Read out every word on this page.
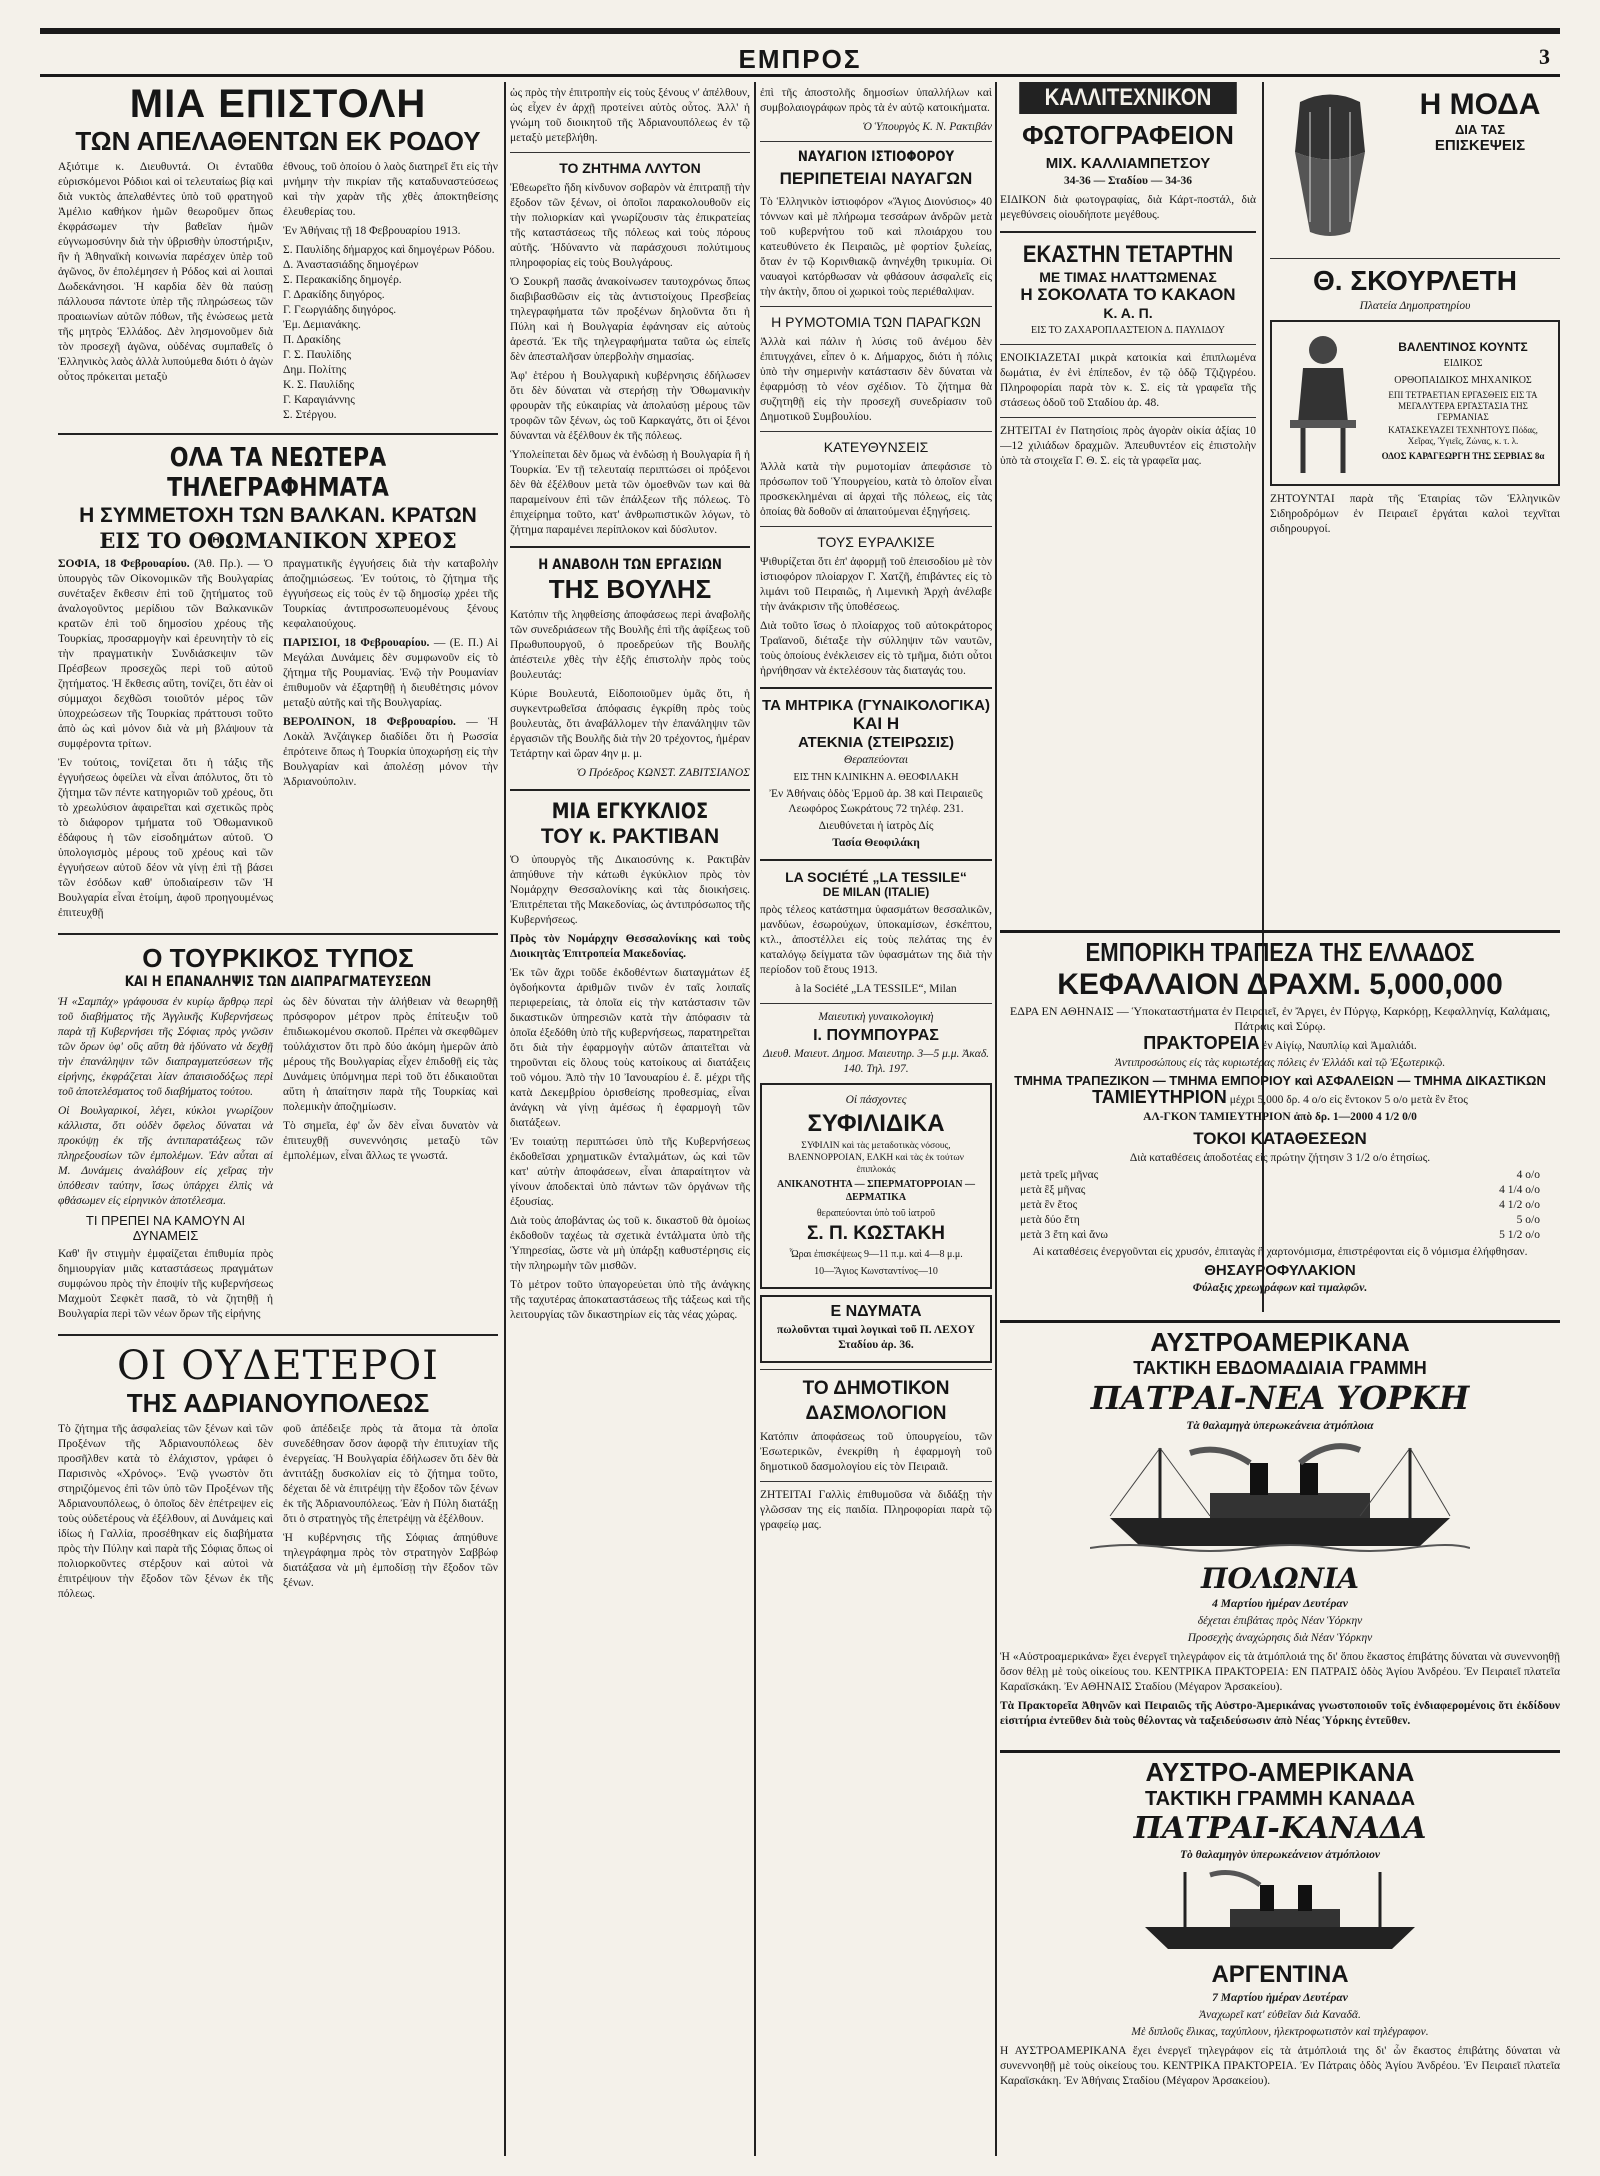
ΕΜΠΡΟΣ	3
ΜΙΑ ΕΠΙΣΤΟΛΗ
ΤΩΝ ΑΠΕΛΑΘΕΝΤΩΝ ΕΚ ΡΟΔΟΥ

Αξιότιμε κ. Διευθυντά. Οι ἐνταῦθα εὑρισκόμενοι Ρόδιοι καὶ οἱ τελευταίως βίᾳ καὶ διὰ νυκτὸς ἀπελαθέντες ὑπὸ τοῦ φρατηγοῦ Ἀμέλιο καθήκον ἡμῶν θεωροῦμεν ὅπως ἐκφράσωμεν τὴν βαθεῖαν ἡμῶν εὐγνωμοσύνην διὰ τὴν ὑβρισθὴν ὑποστήριξιν, ἣν ἡ Ἀθηναϊκὴ κοινωνία παρέσχεν ὑπὲρ τοῦ ἀγῶνος, ὃν ἐπολέμησεν ἡ Ρόδος καὶ αἱ λοιπαὶ Δωδεκάνησοι. Ἡ καρδία δὲν θὰ παύσῃ πάλλουσα πάντοτε ὑπὲρ τῆς πληρώσεως τῶν προαιωνίων αὐτῶν πόθων, τῆς ἑνώσεως μετὰ τῆς μητρὸς Ἑλλάδος. Δὲν λησμονοῦμεν διὰ τὸν προσεχῆ ἀγῶνα, οὐδένας συμπαθεῖς ὁ Ἑλληνικὸς λαὸς ἀλλὰ λυπούμεθα διότι ὁ ἀγὼν οὗτος πρόκειται μεταξὺ

ἐθνους, τοῦ ὁποίου ὁ λαὸς διατηρεῖ ἔτι εἰς τὴν μνήμην τὴν πικρίαν τῆς καταδυναστεύσεως καὶ τὴν χαρὰν τῆς χθὲς ἀποκτηθείσης ἐλευθερίας του.

Ἐν Ἀθήναις τῇ 18 Φεβρουαρίου 1913.

Σ. Παυλίδης δήμαρχος καὶ δημογέρων Ρόδου.
Δ. Ἀναστασιάδης δημογέρων
Σ. Περακακίδης δημογέρ.
Γ. Δρακίδης διηγόρος.
Γ. Γεωργιάδης διηγόρος.
Ἐμ. Δεμιανάκης.
Π. Δρακίδης
Γ. Σ. Παυλίδης
Δημ. Πολίτης
Κ. Σ. Παυλίδης
Γ. Καραγιάννης
Σ. Στέργου.
ΟΛΑ ΤΑ ΝΕΩΤΕΡΑ ΤΗΛΕΓΡΑΦΗΜΑΤΑ
Η ΣΥΜΜΕΤΟΧΗ ΤΩΝ ΒΑΛΚΑΝ. ΚΡΑΤΩΝ
ΕΙΣ ΤΟ ΟΘΩΜΑΝΙΚΟΝ ΧΡΕΟΣ

ΣΟΦΙΑ, 18 Φεβρουαρίου. (Ἀθ. Πρ.). — Ὁ ὑπουργὸς τῶν Οἰκονομικῶν τῆς Βουλγαρίας συνέταξεν ἔκθεσιν ἐπὶ τοῦ ζητήματος τοῦ ἀναλογοῦντος μερίδιου τῶν Βαλκανικῶν κρατῶν ἐπὶ τοῦ δημοσίου χρέους τῆς Τουρκίας, προσαρμογὴν καὶ ἐρευνητὴν τὸ εἰς τὴν πραγματικὴν Συνδιάσκεψιν τῶν Πρέσβεων προσεχῶς περὶ τοῦ αὐτοῦ ζητήματος. Ἡ ἔκθεσις αὕτη, τονίζει, ὅτι ἐὰν οἱ σύμμαχοι δεχθῶσι τοιοῦτόν μέρος τῶν ὑποχρεώσεων τῆς Τουρκίας πράττουσι τοῦτο ἀπὸ ὡς καὶ μόνον διὰ νὰ μὴ βλάψουν τὰ συμφέροντα τρίτων.

Ἐν τούτοις, τονίζεται ὅτι ἡ τάξις τῆς ἐγγυήσεως ὀφείλει νὰ εἶναι ἀπόλυτος, ὅτι τὸ ζήτημα τῶν πέντε κατηγοριῶν τοῦ χρέους, ὅτι τὸ χρεωλύσιον ἀφαιρεῖται καὶ σχετικῶς πρὸς τὸ διάφορον τμήματα τοῦ Ὀθωμανικοῦ ἐδάφους ἡ τῶν εἰσοδημάτων αὐτοῦ. Ὁ ὑπολογισμὸς μέρους τοῦ χρέους καὶ τῶν ἐγγυήσεων αὐτοῦ δέον νὰ γίνῃ ἐπὶ τῇ βάσει τῶν ἐσόδων καθ' ὑποδιαίρεσιν τῶν Ἡ Βουλγαρία εἶναι ἑτοίμη, ἀφοῦ προηγουμένως ἐπιτευχθῇ

πραγματικῆς ἐγγυήσεις διὰ τὴν καταβολὴν ἀποζημιώσεως. Ἐν τούτοις, τὸ ζήτημα τῆς ἐγγυήσεως εἰς τοὺς ἐν τῷ δημοσίῳ χρέει τῆς Τουρκίας ἀντιπροσωπευομένους ξένους κεφαλαιούχους.

ΠΑΡΙΣΙΟΙ, 18 Φεβρουαρίου. — (Ε. Π.) Αἱ Μεγάλαι Δυνάμεις δὲν συμφωνοῦν εἰς τὸ ζήτημα τῆς Ρουμανίας. Ἐνῷ τὴν Ρουμανίαν ἐπιθυμοῦν νὰ ἐξαρτηθῇ ἡ διευθέτησις μόνον μεταξὺ αὐτῆς καὶ τῆς Βουλγαρίας.

ΒΕΡΟΛΙΝΟΝ, 18 Φεβρουαρίου. — Ἡ Λοκὰλ Ἀνζάιγκερ διαδίδει ὅτι ἡ Ρωσσία ἐπρότεινε ὅπως ἡ Τουρκία ὑποχωρήσῃ εἰς τὴν Βουλγαρίαν καὶ ἀπολέσῃ μόνον τὴν Ἀδριανούπολιν.

Ο ΤΟΥΡΚΙΚΟΣ ΤΥΠΟΣ
ΚΑΙ Η ΕΠΑΝΑΛΗΨΙΣ ΤΩΝ ΔΙΑΠΡΑΓΜΑΤΕΥΣΕΩΝ

Ἡ «Σαμπάχ» γράφουσα ἐν κυρίῳ ἄρθρῳ περὶ τοῦ διαβήματος τῆς Ἀγγλικῆς Κυβερνήσεως παρὰ τῇ Κυβερνήσει τῆς Σόφιας πρὸς γνῶσιν τῶν ὅρων ὑφ' οὓς αὕτη θὰ ἠδύνατο νὰ δεχθῇ τὴν ἐπανάληψιν τῶν διαπραγματεύσεων τῆς εἰρήνης, ἐκφράζεται λίαν ἀπαισιοδόξως περὶ τοῦ ἀποτελέσματος τοῦ διαβήματος τούτου.

Οἱ Βουλγαρικοί, λέγει, κύκλοι γνωρίζουν κάλλιστα, ὅτι οὐδὲν ὄφελος δύναται νὰ προκύψῃ ἐκ τῆς ἀντιπαρατάξεως τῶν πληρεξουσίων τῶν ἐμπολέμων. Ἐὰν αὗται αἱ Μ. Δυνάμεις ἀναλάβουν εἰς χεῖρας τὴν ὑπόθεσιν ταύτην, ἴσως ὑπάρχει ἐλπὶς νὰ φθάσωμεν εἰς εἰρηνικὸν ἀποτέλεσμα.

ΤΙ ΠΡΕΠΕΙ ΝΑ ΚΑΜΟΥΝ ΑΙ ΔΥΝΑΜΕΙΣ

Καθ' ἣν στιγμὴν ἐμφαίζεται ἐπιθυμία πρὸς δημιουργίαν μιᾶς καταστάσεως πραγμάτων συμφώνου πρὸς τὴν ἐποψίν τῆς κυβερνήσεως Μαχμοὺτ Σεφκὲτ πασᾶ, τὸ νὰ ζητηθῇ ἡ Βουλγαρία περὶ τῶν νέων ὅρων τῆς εἰρήνης

ὡς δὲν δύναται τὴν ἀλήθειαν νὰ θεωρηθῇ πρόσφορον μέτρον πρὸς ἐπίτευξιν τοῦ ἐπιδιωκομένου σκοποῦ. Πρέπει νὰ σκεφθῶμεν τοὐλάχιστον ὅτι πρὸ δύο ἀκόμη ἡμερῶν ἀπὸ μέρους τῆς Βουλγαρίας εἶχεν ἐπιδοθῇ εἰς τὰς Δυνάμεις ὑπόμνημα περὶ τοῦ ὅτι ἐδικαιοῦται αὕτη ἡ ἀπαίτησιν παρὰ τῆς Τουρκίας καὶ πολεμικὴν ἀποζημίωσιν.

Τὸ σημεῖα, ἐφ' ὧν δὲν εἶναι δυνατὸν νὰ ἐπιτευχθῇ συνεννόησις μεταξὺ τῶν ἐμπολέμων, εἶναι ἄλλως τε γνωστά.

ΟΙ ΟΥΔΕΤΕΡΟΙ
ΤΗΣ ΑΔΡΙΑΝΟΥΠΟΛΕΩΣ

Τὸ ζήτημα τῆς ἀσφαλείας τῶν ξένων καὶ τῶν Προξένων τῆς Ἀδριανουπόλεως δὲν προσῆλθεν κατὰ τὸ ἐλάχιστον, γράφει ὁ Παρισινὸς «Χρόνος». Ἐνῷ γνωστὸν ὅτι στηριζόμενος ἐπὶ τῶν ὑπὸ τῶν Προξένων τῆς Ἀδριανουπόλεως, ὁ ὁποῖος δὲν ἐπέτρεψεν εἰς τοὺς οὐδετέρους νὰ ἐξέλθουν, αἱ Δυνάμεις καὶ ἰδίως ἡ Γαλλία, προσέθηκαν εἰς διαβήματα πρὸς τὴν Πύλην καὶ παρὰ τῆς Σόφιας ὅπως οἱ πολιορκοῦντες στέρξουν καὶ αὐτοὶ νὰ ἐπιτρέψουν τὴν ἔξοδον τῶν ξένων ἐκ τῆς πόλεως.

φοῦ ἀπέδειξε πρὸς τὰ ἄτομα τὰ ὁποῖα συνεδέθησαν ὅσον ἀφορᾷ τὴν ἐπιτυχίαν τῆς ἐνεργείας. Ἡ Βουλγαρία ἐδήλωσεν ὅτι δὲν θὰ ἀντιτάξῃ δυσκολίαν εἰς τὸ ζήτημα τοῦτο, δέχεται δὲ νὰ ἐπιτρέψῃ τὴν ἔξοδον τῶν ξένων ἐκ τῆς Ἀδριανουπόλεως. Ἐὰν ἡ Πύλη διατάξῃ ὅτι ὁ στρατηγὸς τῆς ἐπετρέψῃ νὰ ἐξέλθουν.

Ἡ κυβέρνησις τῆς Σόφιας ἀπηύθυνε τηλεγράφημα πρὸς τὸν στρατηγὸν Σαββώφ διατάξασα νὰ μὴ ἐμποδίσῃ τὴν ἔξοδον τῶν ξένων.

ὡς πρὸς τὴν ἐπιτροπὴν εἰς τοὺς ξένους ν' ἀπέλθουν, ὡς εἶχεν ἐν ἀρχῇ προτείνει αὐτὸς οὗτος. Ἀλλ' ἡ γνώμη τοῦ διοικητοῦ τῆς Ἀδριανουπόλεως ἐν τῷ μεταξὺ μετεβλήθη.

ΤΟ ΖΗΤΗΜΑ ΛΛΥΤΟΝ

Ἐθεωρεῖτο ἤδη κίνδυνον σοβαρὸν νὰ ἐπιτραπῇ τὴν ἔξοδον τῶν ξένων, οἱ ὁποῖοι παρακολουθοῦν εἰς τὴν πολιορκίαν καὶ γνωρίζουσιν τὰς ἐπικρατείας τῆς καταστάσεως τῆς πόλεως καὶ τοὺς πόρους αὐτῆς. Ἠδύναντο νὰ παράσχουσι πολύτιμους πληροφορίας εἰς τοὺς Βουλγάρους.

Ὁ Σουκρῆ πασᾶς ἀνακοίνωσεν ταυτοχρόνως ὅπως διαβιβασθῶσιν εἰς τὰς ἀντιστοίχους Πρεσβείας τηλεγραφήματα τῶν προξένων δηλοῦντα ὅτι ἡ Πύλη καὶ ἡ Βουλγαρία ἐφάνησαν εἰς αὐτοὺς ἀρεστά. Ἐκ τῆς τηλεγραφήματα ταῦτα ὡς εἰπεῖς δὲν ἀπεσταλῆσαν ὑπερβολὴν σημασίας.

Ἀφ' ἑτέρου ἡ Βουλγαρικὴ κυβέρνησις ἐδήλωσεν ὅτι δὲν δύναται νὰ στερήσῃ τὴν Ὀθωμανικὴν φρουρὰν τῆς εὐκαιρίας νὰ ἀπολαύσῃ μέρους τῶν τροφῶν τῶν ξένων, ὡς τοῦ Καρκαγάτς, ὅτι οἱ ξένοι δύνανται νὰ ἐξέλθουν ἐκ τῆς πόλεως.

Ὑπολείπεται δὲν ὅμως νὰ ἐνδώσῃ ἡ Βουλγαρία ἢ ἡ Τουρκία. Ἐν τῇ τελευταίᾳ περιπτώσει οἱ πρόξενοι δὲν θὰ ἐξέλθουν μετὰ τῶν ὁμοεθνῶν των καὶ θὰ παραμείνουν ἐπὶ τῶν ἐπάλξεων τῆς πόλεως. Τὸ ἐπιχείρημα τοῦτο, κατ' ἀνθρωπιστικῶν λόγων, τὸ ζήτημα παραμένει περίπλοκον καὶ δύσλυτον.

Η ΑΝΑΒΟΛΗ ΤΩΝ ΕΡΓΑΣΙΩΝ
ΤΗΣ ΒΟΥΛΗΣ

Κατόπιν τῆς ληφθείσης ἀποφάσεως περὶ ἀναβολῆς τῶν συνεδριάσεων τῆς Βουλῆς ἐπὶ τῆς ἀφίξεως τοῦ Πρωθυπουργοῦ, ὁ προεδρεύων τῆς Βουλῆς ἀπέστειλε χθὲς τὴν ἑξῆς ἐπιστολὴν πρὸς τοὺς βουλευτάς:

Κύριε Βουλευτά, Εἰδοποιοῦμεν ὑμᾶς ὅτι, ἡ συγκεντρωθεῖσα ἀπόφασις ἐγκρίθη πρὸς τοὺς βουλευτὰς, ὅτι ἀναβάλλομεν τὴν ἐπανάληψιν τῶν ἐργασιῶν τῆς Βουλῆς διὰ τὴν 20 τρέχοντος, ἡμέραν Τετάρτην καὶ ὥραν 4ην μ. μ.

Ὁ Πρόεδρος ΚΩΝΣΤ. ΖΑΒΙΤΣΙΑΝΟΣ

ΜΙΑ ΕΓΚΥΚΛΙΟΣ
ΤΟΥ κ. ΡΑΚΤΙΒΑΝ

Ὁ ὑπουργὸς τῆς Δικαιοσύνης κ. Ρακτιβὰν ἀπηύθυνε τὴν κάτωθι ἐγκύκλιον πρὸς τὸν Νομάρχην Θεσσαλονίκης καὶ τὰς διοικήσεις. Ἐπιτρέπεται τῆς Μακεδονίας, ὡς ἀντιπρόσωπος τῆς Κυβερνήσεως.

Πρὸς τὸν Νομάρχην Θεσσαλονίκης καὶ τοὺς Διοικητὰς Ἐπιτροπεία Μακεδονίας.

Ἐκ τῶν ἄχρι τοῦδε ἐκδοθέντων διαταγμάτων ἐξ ὀγδοήκοντα ἀριθμῶν τινῶν ἐν ταῖς λοιπαῖς περιφερείαις, τὰ ὁποῖα εἰς τὴν κατάστασιν τῶν δικαστικῶν ὑπηρεσιῶν κατὰ τὴν ἀπόφασιν τὰ ὁποῖα ἐξεδόθη ὑπὸ τῆς κυβερνήσεως, παρατηρεῖται ὅτι διὰ τὴν ἐφαρμογὴν αὐτῶν ἀπαιτεῖται νὰ τηροῦνται εἰς ὅλους τοὺς κατοίκους αἱ διατάξεις τοῦ νόμου. Ἀπὸ τὴν 10 Ἰανουαρίου ἐ. ἔ. μέχρι τῆς κατὰ Δεκεμβρίου ὁρισθείσης προθεσμίας, εἶναι ἀνάγκη νὰ γίνῃ ἀμέσως ἡ ἐφαρμογὴ τῶν διατάξεων.

Ἐν τοιαύτῃ περιπτώσει ὑπὸ τῆς Κυβερνήσεως ἐκδοθεῖσαι χρηματικῶν ἐνταλμάτων, ὡς καὶ τῶν κατ' αὐτὴν ἀποφάσεων, εἶναι ἀπαραίτητον νὰ γίνουν ἀποδεκταὶ ὑπὸ πάντων τῶν ὀργάνων τῆς ἐξουσίας.

Διὰ τοὺς ἀποβάντας ὡς τοῦ κ. δικαστοῦ θὰ ὁμοίως ἐκδοθοῦν ταχέως τὰ σχετικὰ ἐντάλματα ὑπὸ τῆς Ὑπηρεσίας, ὥστε νὰ μὴ ὑπάρξῃ καθυστέρησις εἰς τὴν πληρωμὴν τῶν μισθῶν.

Τὸ μέτρον τοῦτο ὑπαγορεύεται ὑπὸ τῆς ἀνάγκης τῆς ταχυτέρας ἀποκαταστάσεως τῆς τάξεως καὶ τῆς λειτουργίας τῶν δικαστηρίων εἰς τὰς νέας χώρας.

ἐπὶ τῆς ἀποστολῆς δημοσίων ὑπαλλήλων καὶ συμβολαιογράφων πρὸς τὰ ἐν αὐτῷ κατοικήματα.

Ὁ Ὑπουργὸς Κ. Ν. Ρακτιβάν

ΝΑΥΑΓΙΟΝ ΙΣΤΙΟΦΟΡΟΥ
ΠΕΡΙΠΕΤΕΙΑΙ ΝΑΥΑΓΩΝ

Τὸ Ἑλληνικὸν ἱστιοφόρον «Ἅγιος Διονύσιος» 40 τόννων καὶ μὲ πλήρωμα τεσσάρων ἀνδρῶν μετὰ τοῦ κυβερνήτου τοῦ καὶ πλοιάρχου του κατευθύνετο ἐκ Πειραιῶς, μὲ φορτίον ξυλείας, ὅταν ἐν τῷ Κορινθιακῷ ἀνηνέχθη τρικυμία. Οἱ ναυαγοὶ κατόρθωσαν νὰ φθάσουν ἀσφαλεῖς εἰς τὴν ἀκτὴν, ὅπου οἱ χωρικοὶ τοὺς περιέθαλψαν.

Η ΡΥΜΟΤΟΜΙΑ ΤΩΝ ΠΑΡΑΓΚΩΝ

Ἀλλὰ καὶ πάλιν ἡ λύσις τοῦ ἀνέμου δὲν ἐπιτυγχάνει, εἶπεν ὁ κ. Δήμαρχος, διότι ἡ πόλις ὑπὸ τὴν σημερινὴν κατάστασιν δὲν δύναται νὰ ἐφαρμόσῃ τὸ νέον σχέδιον. Τὸ ζήτημα θὰ συζητηθῇ εἰς τὴν προσεχῆ συνεδρίασιν τοῦ Δημοτικοῦ Συμβουλίου.

ΚΑΤΕΥΘΥΝΣΕΙΣ

Ἀλλὰ κατὰ τὴν ρυμοτομίαν ἀπεφάσισε τὸ πρόσωπον τοῦ Ὑπουργείου, κατὰ τὸ ὁποῖον εἶναι προσκεκλημέναι αἱ ἀρχαὶ τῆς πόλεως, εἰς τὰς ὁποίας θὰ δοθοῦν αἱ ἀπαιτούμεναι ἐξηγήσεις.

ΤΟΥΣ ΕΥΡΑΛΚΙΣΕ

Ψιθυρίζεται ὅτι ἐπ' ἀφορμῇ τοῦ ἐπεισοδίου μὲ τὸν ἱστιοφόρον πλοίαρχον Γ. Χατζῆ, ἐπιβάντες εἰς τὸ λιμάνι τοῦ Πειραιῶς, ἡ Λιμενικὴ Ἀρχὴ ἀνέλαβε τὴν ἀνάκρισιν τῆς ὑποθέσεως.

Διὰ τοῦτο ἴσως ὁ πλοίαρχος τοῦ αὐτοκράτορος Τραϊανοῦ, διέταξε τὴν σύλληψιν τῶν ναυτῶν, τοὺς ὁποίους ἐνέκλεισεν εἰς τὸ τμῆμα, διότι οὗτοι ἠρνήθησαν νὰ ἐκτελέσουν τὰς διαταγάς του.

ΤΑ ΜΗΤΡΙΚΑ (ΓΥΝΑΙΚΟΛΟΓΙΚΑ)
ΚΑΙ Η
ΑΤΕΚΝΙΑ (ΣΤΕΙΡΩΣΙΣ)
Θεραπεύονται
ΕΙΣ ΤΗΝ ΚΛΙΝΙΚΗΝ Α. ΘΕΟΦΙΛΑΚΗ
Ἐν Ἀθήναις ὁδὸς Ἑρμοῦ ἀρ. 38 καὶ Πειραιεῦς Λεωφόρος Σωκράτους 72 τηλέφ. 231.
Διευθύνεται ἡ ἰατρὸς Δίς
Τασία Θεοφιλάκη
LA SOCIÉTÉ „LA TESSILE“
DE MILAN (ITALIE)

πρὸς τέλεος κατάστημα ὑφασμάτων θεσσαλικῶν, μανδύων, ἐσωρούχων, ὑποκαμίσων, ἐσκέπτου, κτλ., ἀποστέλλει εἰς τοὺς πελάτας της ἐν καταλόγῳ δείγματα τῶν ὑφασμάτων της διὰ τὴν περίοδον τοῦ ἔτους 1913.

à la Société „LA TESSILE“, Milan
Μαιευτικὴ γυναικολογικὴ
Ι. ΠΟΥΜΠΟΥΡΑΣ
Διευθ. Μαιευτ. Δημοσ. Μαιευτηρ. 3—5 μ.μ. Ἀκαδ. 140. Τηλ. 197.
Οἱ πάσχοντες
ΣΥΦΙΛΙΔΙΚΑ
ΣΥΦΙΛΙΝ καὶ τὰς μεταδοτικὰς νόσους, ΒΛΕΝΝΟΡΡΟΙΑΝ, ΕΛΚΗ καὶ τὰς ἐκ τούτων ἐπιπλοκάς
ΑΝΙΚΑΝΟΤΗΤΑ — ΣΠΕΡΜΑΤΟΡΡΟΙΑΝ — ΔΕΡΜΑΤΙΚΑ
θεραπεύονται ὑπὸ τοῦ ἰατροῦ
Σ. Π. ΚΩΣΤΑΚΗ
Ὧραι ἐπισκέψεως 9—11 π.μ. καὶ 4—8 μ.μ.
10—Ἅγιος Κωνσταντίνος—10
Ε ΝΔΥΜΑΤΑ
πωλοῦνται τιμαὶ λογικαὶ τοῦ Π. ΛΕΧΟΥ Σταδίου ἀρ. 36.
ΤΟ ΔΗΜΟΤΙΚΟΝ
ΔΑΣΜΟΛΟΓΙΟΝ

Κατόπιν ἀποφάσεως τοῦ ὑπουργείου, τῶν Ἐσωτερικῶν, ἐνεκρίθη ἡ ἐφαρμογὴ τοῦ δημοτικοῦ δασμολογίου εἰς τὸν Πειραιᾶ.

ΖΗΤΕΙΤΑΙ Γαλλὶς ἐπιθυμοῦσα νὰ διδάξῃ τὴν γλῶσσαν της εἰς παιδία. Πληροφορίαι παρὰ τῷ γραφείῳ μας.

ΚΑΛΛΙΤΕΧΝΙΚΟΝ
ΦΩΤΟΓΡΑΦΕΙΟΝ
ΜΙΧ. ΚΑΛΛΙΑΜΠΕΤΣΟΥ
34-36 — Σταδίου — 34-36

ΕΙΔΙΚΟΝ διὰ φωτογραφίας, διὰ Κάρτ-ποστάλ, διὰ μεγεθύνσεις οἱουδήποτε μεγέθους.

ΕΚΑΣΤΗΝ ΤΕΤΑΡΤΗΝ
ΜΕ ΤΙΜΑΣ ΗΛΑΤΤΩΜΕΝΑΣ
Η ΣΟΚΟΛΑΤΑ ΤΟ ΚΑΚΑΟΝ
Κ. Α. Π.
ΕΙΣ ΤΟ ΖΑΧΑΡΟΠΛΑΣΤΕΙΟΝ Δ. ΠΑΥΛΙΔΟΥ

ΕΝΟΙΚΙΑΖΕΤΑΙ μικρὰ κατοικία καὶ ἐπιπλωμένα δωμάτια, ἐν ἑνὶ ἐπίπεδον, ἐν τῷ ὁδῷ Τζιζιγρέου. Πληροφορίαι παρὰ τὸν κ. Σ. εἰς τὰ γραφεῖα τῆς στάσεως ὁδοῦ τοῦ Σταδίου ἀρ. 48.

ΖΗΤΕΙΤΑΙ ἐν Πατησίοις πρὸς ἀγορὰν οἰκία ἀξίας 10—12 χιλιάδων δραχμῶν. Ἀπευθυντέον εἰς ἐπιστολὴν ὑπὸ τὰ στοιχεῖα Γ. Θ. Σ. εἰς τὰ γραφεῖα μας.

Η ΜΟΔΑ
ΔΙΑ ΤΑΣ
ΕΠΙΣΚΕΨΕΙΣ
Θ. ΣΚΟΥΡΛΕΤΗ
Πλατεία Δημοπρατηρίου
ΒΑΛΕΝΤΙΝΟΣ ΚΟΥΝΤΣ
ΕΙΔΙΚΟΣ
ΟΡΘΟΠΑΙΔΙΚΟΣ ΜΗΧΑΝΙΚΟΣ
ΕΠΙ ΤΕΤΡΑΕΤΙΑΝ ΕΡΓΑΣΘΕΙΣ ΕΙΣ ΤΑ ΜΕΓΑΛΥΤΕΡΑ ΕΡΓΑΣΤΑΣΙΑ ΤΗΣ ΓΕΡΜΑΝΙΑΣ
ΚΑΤΑΣΚΕΥΑΖΕΙ ΤΕΧΝΗΤΟΥΣ Πόδας, Χεῖρας, Ὑγιεῖς, Ζώνας, κ. τ. λ.
ΟΔΟΣ ΚΑΡΑΓΕΩΡΓΗ ΤΗΣ ΣΕΡΒΙΑΣ 8α

ΖΗΤΟΥΝΤΑΙ παρὰ τῆς Ἑταιρίας τῶν Ἑλληνικῶν Σιδηροδρόμων ἐν Πειραιεῖ ἐργάται καλοὶ τεχνῖται σιδηρουργοί.

ΕΜΠΟΡΙΚΗ ΤΡΑΠΕΖΑ ΤΗΣ ΕΛΛΑΔΟΣ
ΚΕΦΑΛΑΙΟΝ ΔΡΑΧΜ. 5,000,000
ΕΔΡΑ ΕΝ ΑΘΗΝΑΙΣ — Ὑποκαταστήματα ἐν Πειραιεῖ, ἐν Ἄργει, ἐν Πύργῳ, Καρκόρῃ, Κεφαλληνίᾳ, Καλάμαις, Πάτραις καὶ Σύρῳ.
ΠΡΑΚΤΟΡΕΙΑ ἐν Αἰγίῳ, Ναυπλίῳ καὶ Ἀμαλιάδι.
Ἀντιπροσώπους εἰς τὰς κυριωτέρας πόλεις ἐν Ἑλλάδι καὶ τῷ Ἐξωτερικῷ.
ΤΜΗΜΑ ΤΡΑΠΕΖΙΚΟΝ — ΤΜΗΜΑ ΕΜΠΟΡΙΟΥ καὶ ΑΣΦΑΛΕΙΩΝ — ΤΜΗΜΑ ΔΙΚΑΣΤΙΚΩΝ
ΤΑΜΙΕΥΤΗΡΙΟΝ μέχρι 5,000 δρ. 4 ο/ο εἰς ἔντοκον 5 ο/ο μετὰ ἓν ἔτος
ΑΛ-ΓΚΟΝ ΤΑΜΙΕΥΤΗΡΙΟΝ ἀπὸ δρ. 1—2000 4 1/2 0/0
ΤΟΚΟΙ ΚΑΤΑΘΕΣΕΩΝ
Διὰ καταθέσεις ἀποδοτέας εἰς πρώτην ζήτησιν 3 1/2 ο/ο ἐτησίως.
μετὰ τρεῖς μῆνας	4 ο/ο
μετὰ ἓξ μῆνας	4 1/4 ο/ο
μετὰ ἓν ἔτος	4 1/2 ο/ο
μετὰ δύο ἔτη	5 ο/ο
μετὰ 3 ἔτη καὶ ἄνω	5 1/2 ο/ο
Αἱ καταθέσεις ἐνεργοῦνται εἰς χρυσόν, ἐπιταγὰς ἢ χαρτονόμισμα, ἐπιστρέφονται εἰς ὃ νόμισμα ἐλήφθησαν.
ΘΗΣΑΥΡΟΦΥΛΑΚΙΟΝ
Φύλαξις χρεωγράφων καὶ τιμαλφῶν.
ΑΥΣΤΡΟΑΜΕΡΙΚΑΝΑ
ΤΑΚΤΙΚΗ ΕΒΔΟΜΑΔΙΑΙΑ ΓΡΑΜΜΗ
ΠΑΤΡΑΙ-ΝΕΑ ΥΟΡΚΗ
Τὰ θαλαμηγὰ ὑπερωκεάνεια ἀτμόπλοια
ΠΟΛΩΝΙΑ
4 Μαρτίου ἡμέραν Δευτέραν
δέχεται ἐπιβάτας πρὸς Νέαν Ὑόρκην
Προσεχὴς ἀναχώρησις διὰ Νέαν Ὑόρκην

Ἡ «Αὐστροαμερικάνα» ἔχει ἐνεργεῖ τηλεγράφον εἰς τὰ ἀτμόπλοιά της δι' ὅπου ἕκαστος ἐπιβάτης δύναται νὰ συνεννοηθῇ ὅσον θέλῃ μὲ τοὺς οἰκείους του. ΚΕΝΤΡΙΚΑ ΠΡΑΚΤΟΡΕΙΑ: ΕΝ ΠΑΤΡΑΙΣ ὁδὸς Ἁγίου Ἀνδρέου. Ἐν Πειραιεῖ πλατεῖα Καραϊσκάκη. Ἐν ΑΘΗΝΑΙΣ Σταδίου (Μέγαρον Ἀρσακείου).

Τὰ Πρακτορεῖα Ἀθηνῶν καὶ Πειραιῶς τῆς Αὐστρο-Ἀμερικάνας γνωστοποιοῦν τοῖς ἐνδιαφερομένοις ὅτι ἐκδίδουν εἰσιτήρια ἐντεῦθεν διὰ τοὺς θέλοντας νὰ ταξειδεύσωσιν ἀπὸ Νέας Ὑόρκης ἐντεῦθεν.

ΑΥΣΤΡΟ-ΑΜΕΡΙΚΑΝΑ
ΤΑΚΤΙΚΗ ΓΡΑΜΜΗ ΚΑΝΑΔΑ
ΠΑΤΡΑΙ-ΚΑΝΑΔΑ
Τὸ θαλαμηγὸν ὑπερωκεάνειον ἀτμόπλοιον
ΑΡΓΕΝΤΙΝΑ
7 Μαρτίου ἡμέραν Δευτέραν
Ἀναχωρεῖ κατ' εὐθεῖαν διὰ Καναδᾶ.
Μὲ διπλοῦς ἕλικας, ταχύπλουν, ἠλεκτροφωτιστὸν καὶ τηλέγραφον.

Η ΑΥΣΤΡΟΑΜΕΡΙΚΑΝΑ ἔχει ἐνεργεῖ τηλεγράφον εἰς τὰ ἀτμόπλοιά της δι' ὧν ἕκαστος ἐπιβάτης δύναται νὰ συνεννοηθῇ μὲ τοὺς οἰκείους του. ΚΕΝΤΡΙΚΑ ΠΡΑΚΤΟΡΕΙΑ. Ἐν Πάτραις ὁδὸς Ἁγίου Ἀνδρέου. Ἐν Πειραιεῖ πλατεῖα Καραϊσκάκη. Ἐν Ἀθήναις Σταδίου (Μέγαρον Ἀρσακείου).
